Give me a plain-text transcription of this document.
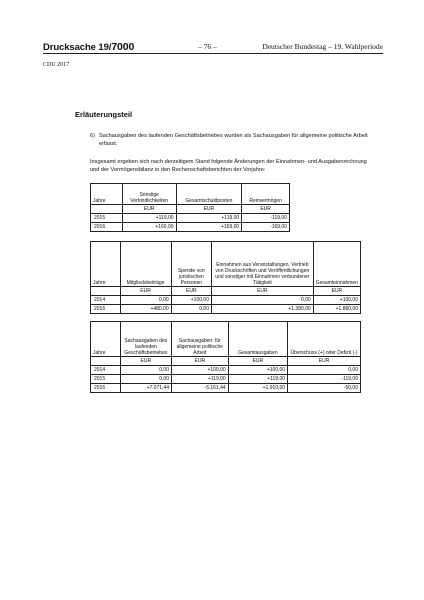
Drucksache 19/7000	– 76 –	Deutscher Bundestag – 19. Wahlperiode
CDU 2017
Erläuterungsteil
6) Sachausgaben des laufenden Geschäftsbetriebes wurden als Sachausgaben für allgemeine politische Arbeit erfasst.
Insgesamt ergeben sich nach derzeitigem Stand folgende Änderungen der Einnahmen- und Ausgabenrechnung und der Vermögensbilanz in den Rechenschaftsberichten der Vorjahre:
Jahre	Sonstige Verbindlichkeiten	Gesamtschuldposten	Reinvermögen
	EUR	EUR	EUR
2015	+119,00	+119,00	-119,00
2016	+169,00	+169,00	-169,00
Jahre	Mitgliedsbeiträge	Spende von juristischen Personen	Einnahmen aus Veranstaltungen, Vertrieb von Druckschriften und Veröffentlichungen und sonstiger mit Einnahmen verbundener Tätigkeit	Gesamteinnahmen
	EUR	EUR	EUR	EUR
2014	0,00	+100,00	0,00	+100,00
2016	+480,00	0,00	+1.380,00	+1.860,00
Jahre	Sachausgaben des laufenden Geschäftsbetriebes	Sachausgaben: für allgemeine politische Arbeit	Gesamtausgaben	Überschuss (+) oder Defizit (-)
	EUR	EUR	EUR	EUR
2014	0,00	+100,00	+100,00	0,00
2015	0,00	+119,00	+119,00	-119,00
2016	+7.071,44	-5.161,44	+1.910,00	-50,00
